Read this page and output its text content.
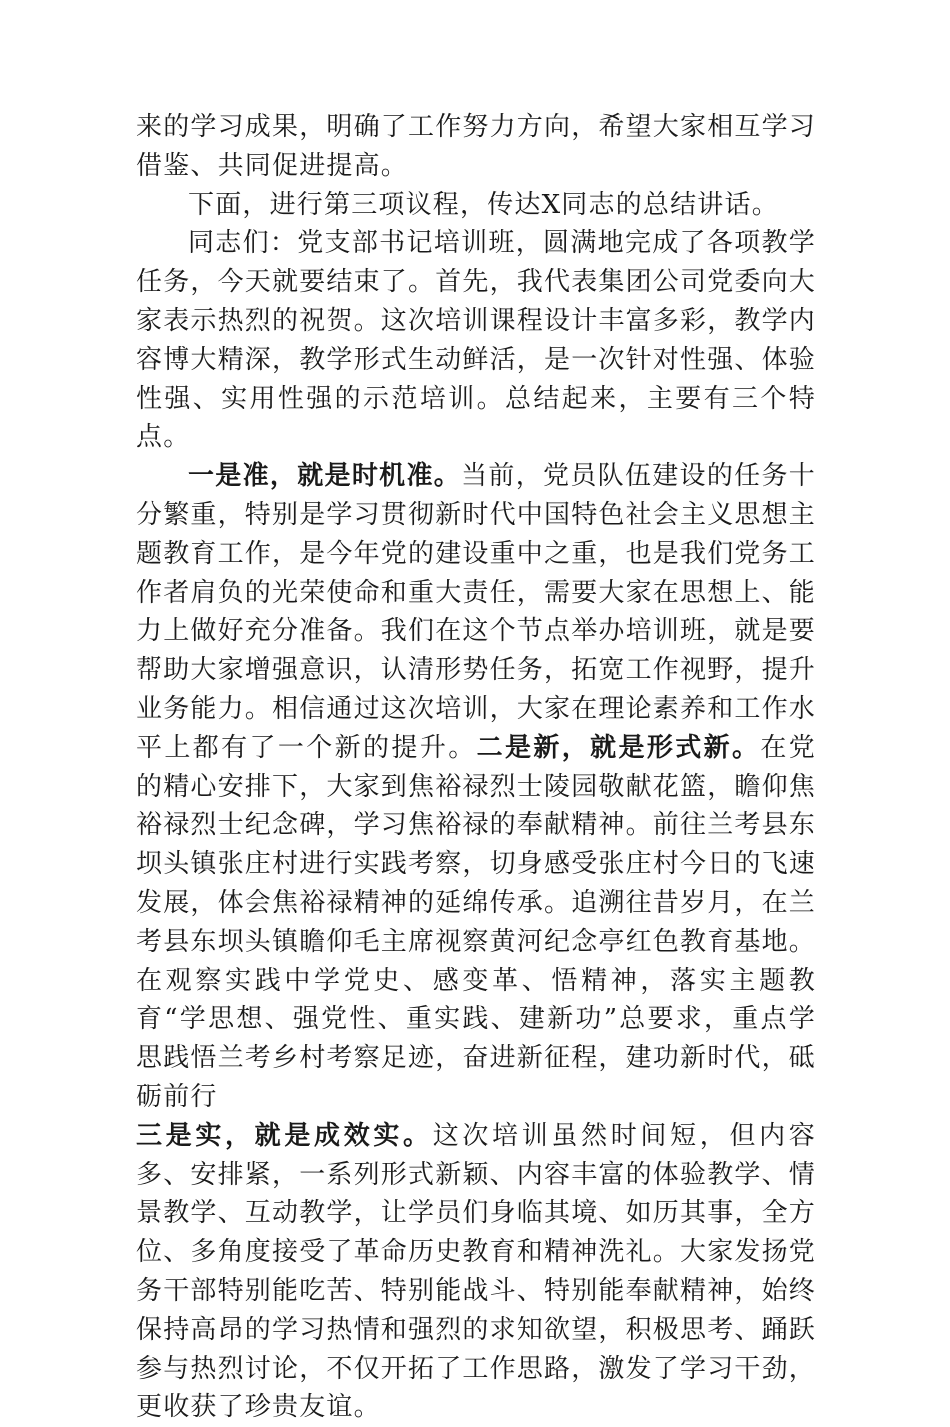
来的学习成果，明确了工作努力方向，希望大家相互学习借鉴、共同促进提高。

下面，进行第三项议程，传达X同志的总结讲话。

同志们：党支部书记培训班，圆满地完成了各项教学任务，今天就要结束了。首先，我代表集团公司党委向大家表示热烈的祝贺。这次培训课程设计丰富多彩，教学内容博大精深，教学形式生动鲜活，是一次针对性强、体验性强、实用性强的示范培训。总结起来，主要有三个特点。

一是准，就是时机准。当前，党员队伍建设的任务十分繁重，特别是学习贯彻新时代中国特色社会主义思想主题教育工作，是今年党的建设重中之重，也是我们党务工作者肩负的光荣使命和重大责任，需要大家在思想上、能力上做好充分准备。我们在这个节点举办培训班，就是要帮助大家增强意识，认清形势任务，拓宽工作视野，提升业务能力。相信通过这次培训，大家在理论素养和工作水平上都有了一个新的提升。二是新，就是形式新。在党的精心安排下，大家到焦裕禄烈士陵园敬献花篮，瞻仰焦裕禄烈士纪念碑，学习焦裕禄的奉献精神。前往兰考县东坝头镇张庄村进行实践考察，切身感受张庄村今日的飞速发展，体会焦裕禄精神的延绵传承。追溯往昔岁月，在兰考县东坝头镇瞻仰毛主席视察黄河纪念亭红色教育基地。在观察实践中学党史、感变革、悟精神，落实主题教育“学思想、强党性、重实践、建新功”总要求，重点学思践悟兰考乡村考察足迹，奋进新征程，建功新时代，砥砺前行

三是实，就是成效实。这次培训虽然时间短，但内容多、安排紧，一系列形式新颖、内容丰富的体验教学、情景教学、互动教学，让学员们身临其境、如历其事，全方位、多角度接受了革命历史教育和精神洗礼。大家发扬党务干部特别能吃苦、特别能战斗、特别能奉献精神，始终保持高昂的学习热情和强烈的求知欲望，积极思考、踊跃参与热烈讨论，不仅开拓了工作思路，激发了学习干劲，更收获了珍贵友谊。
